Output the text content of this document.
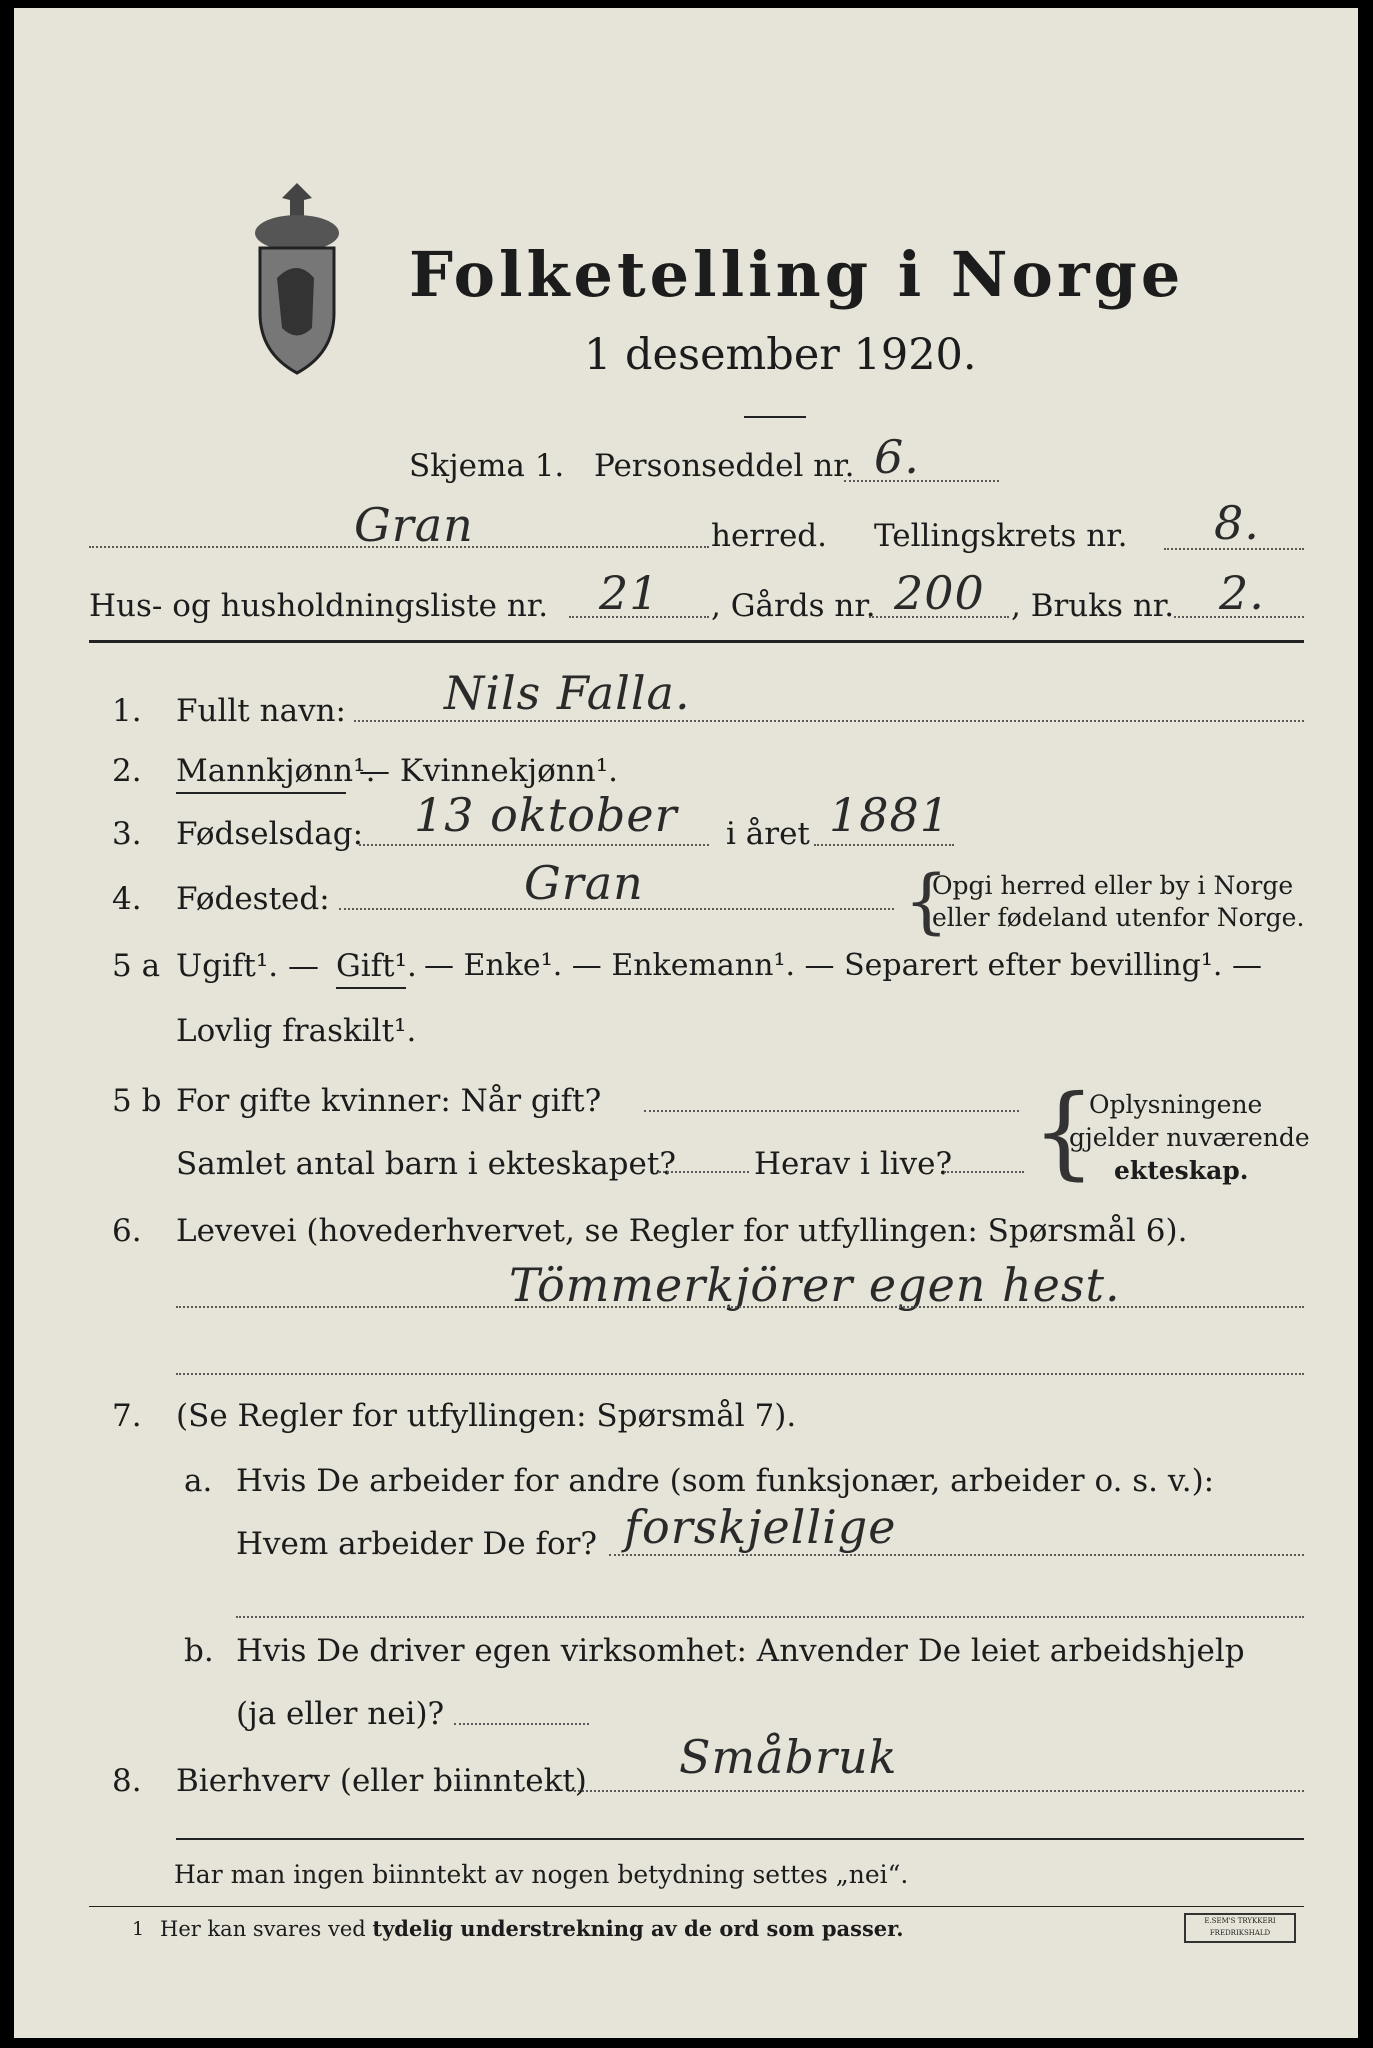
Folketelling i Norge
1 desember 1920.
Skjema 1. Personseddel nr. 6.
Gran	herred. Tellingskrets nr. 8.
Hus- og husholdningsliste nr. 21 , Gårds nr. 200 , Bruks nr. 2.
1. Fullt navn: Nils Falla.
2. Mannkjønn¹.
— Kvinnekjønn¹.
3. Fødselsdag: 13 oktober i året 1881
4. Fødested:	Gran	{
Opgi herred eller by i Norge
eller fødeland utenfor Norge.
5 a Ugift¹. — Gift¹. — Enke¹. — Enkemann¹. — Separert efter bevilling¹. —
Lovlig fraskilt¹.
5 b For gifte kvinner: Når gift?
Samlet antal barn i ekteskapet?	Herav i live? {
Oplysningene
gjelder nuværende
ekteskap.
6. Levevei (hovederhvervet, se Regler for utfyllingen: Spørsmål 6).
Tömmerkjörer egen hest.
7. (Se Regler for utfyllingen: Spørsmål 7).
a. Hvis De arbeider for andre (som funksjonær, arbeider o. s. v.):
Hvem arbeider De for? forskjellige
b. Hvis De driver egen virksomhet: Anvender De leiet arbeidshjelp
(ja eller nei)?
8. Bierhverv (eller biinntekt) Småbruk
Har man ingen biinntekt av nogen betydning settes „nei“.
1 Her kan svares ved tydelig understrekning av de ord som passer.	E.SEM'S TRYKKERI FREDRIKSHALD
